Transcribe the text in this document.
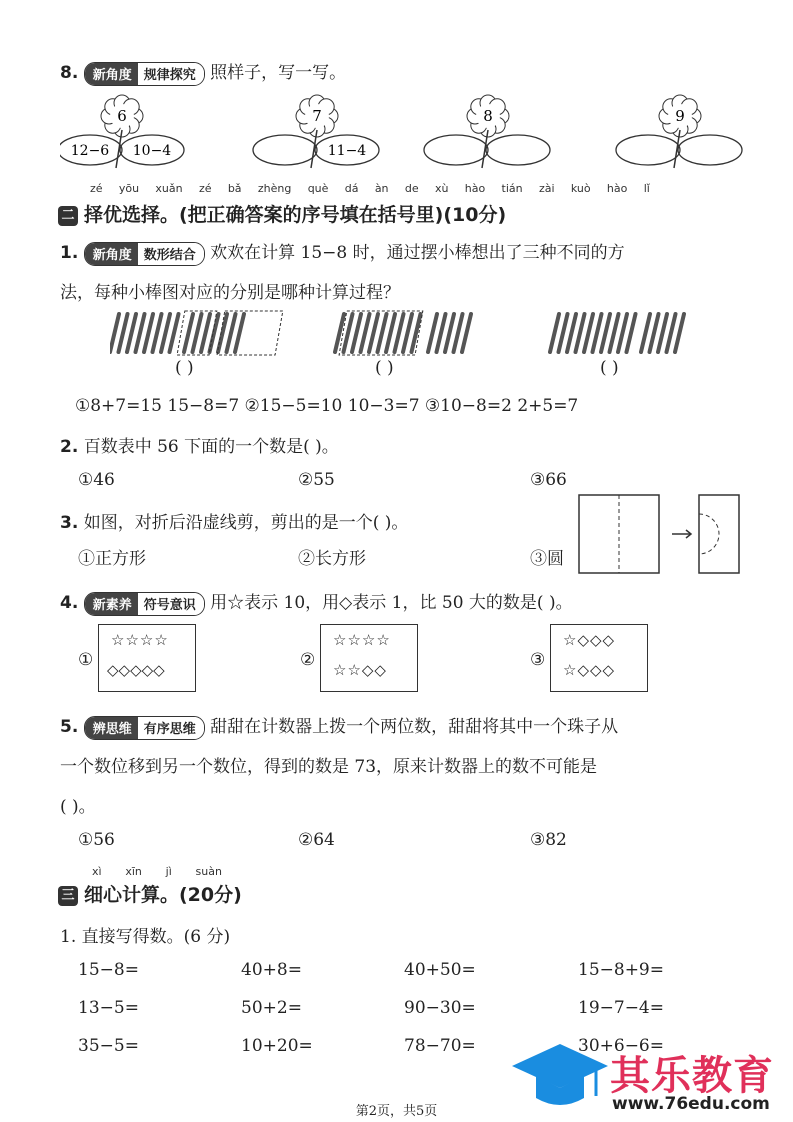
8.	新角度 规律探究 照样子，写一写。
12−6 10−4
6
11−4
7	8	9
zé yōu xuǎn zé bǎ zhèng què dá àn de xù hào tián zài kuò hào lǐ
二 择优选择。(把正确答案的序号填在括号里)(10分)
1.	新角度 数形结合 欢欢在计算 15−8 时，通过摆小棒想出了三种不同的方
法，每种小棒图对应的分别是哪种计算过程？
( )	( )	( )
①8+7=15 15−8=7 ②15−5=10 10−3=7 ③10−8=2 2+5=7
2. 百数表中 56 下面的一个数是( )。
①46	②55	③66
3. 如图，对折后沿虚线剪，剪出的是一个( )。
①正方形	②长方形	③圆
4.	新素养 符号意识 用☆表示 10，用◇表示 1，比 50 大的数是( )。
①
☆☆☆☆
◇◇◇◇◇	②
☆☆☆☆
☆☆◇◇	③
☆◇◇◇
☆◇◇◇
5.	辨思维 有序思维 甜甜在计数器上拨一个两位数，甜甜将其中一个珠子从
一个数位移到另一个数位，得到的数是 73，原来计数器上的数不可能是
( )。
①56	②64	③82
xì xīn jì suàn
三 细心计算。(20分)
1. 直接写得数。(6 分)
15−8=	40+8=	40+50=	15−8+9=
13−5=	50+2=	90−30=	19−7−4=
35−5=	10+20=	78−70=	30+6−6=
其乐教育
www.76edu.com
第2页，共5页
